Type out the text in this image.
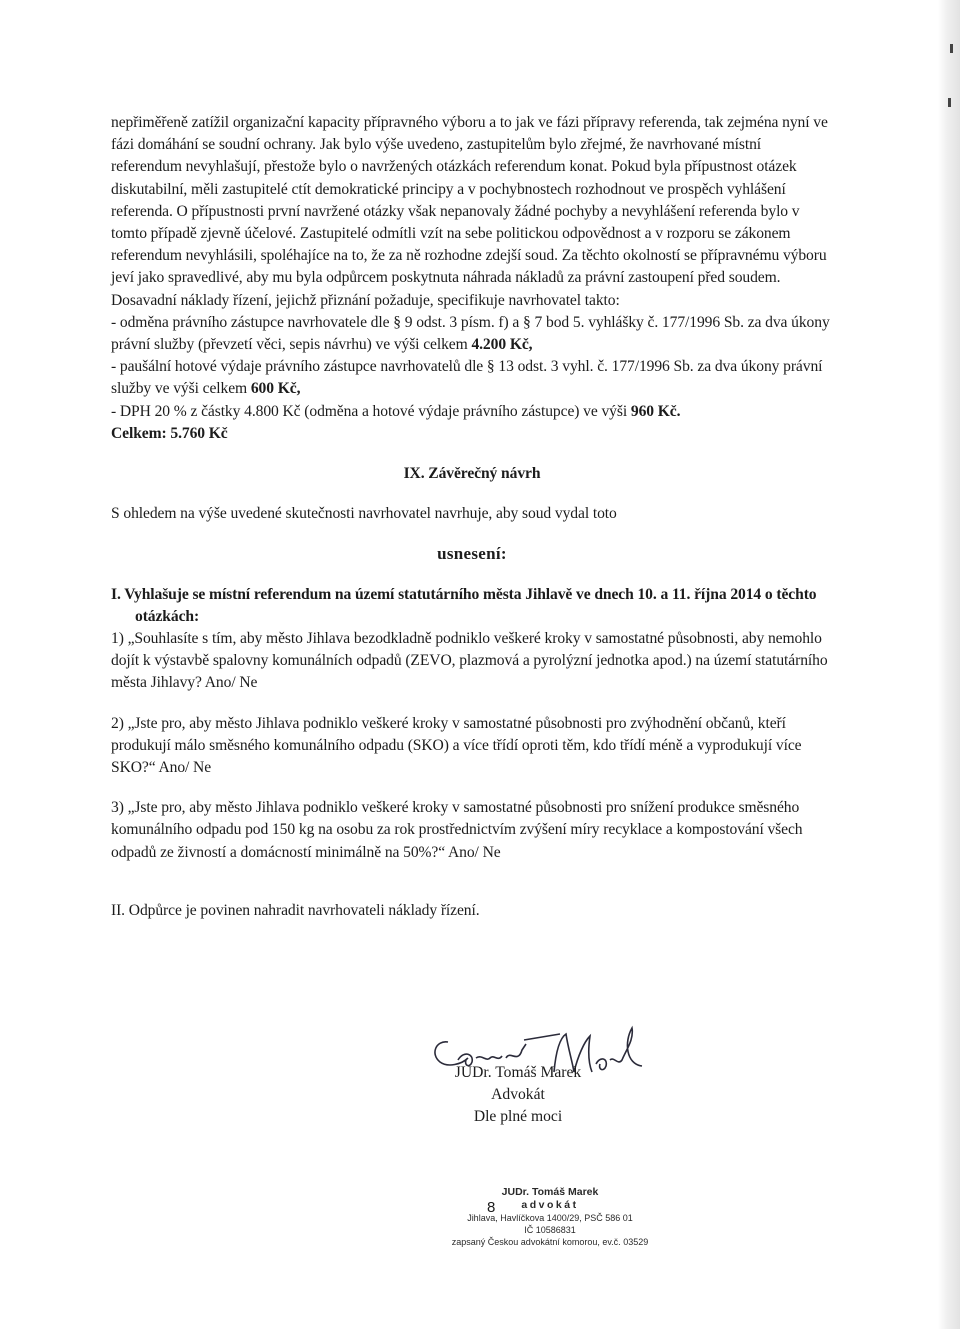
nepřiměřeně zatížil organizační kapacity přípravného výboru a to jak ve fázi přípravy referenda, tak zejména nyní ve fázi domáhání se soudní ochrany. Jak bylo výše uvedeno, zastupitelům bylo zřejmé, že navrhované místní referendum nevyhlašují, přestože bylo o navržených otázkách referendum konat. Pokud byla přípustnost otázek diskutabilní, měli zastupitelé ctít demokratické principy a v pochybnostech rozhodnout ve prospěch vyhlášení referenda. O přípustnosti první navržené otázky však nepanovaly žádné pochyby a nevyhlášení referenda bylo v tomto případě zjevně účelové. Zastupitelé odmítli vzít na sebe politickou odpovědnost a v rozporu se zákonem referendum nevyhlásili, spoléhajíce na to, že za ně rozhodne zdejší soud. Za těchto okolností se přípravnému výboru jeví jako spravedlivé, aby mu byla odpůrcem poskytnuta náhrada nákladů za právní zastoupení před soudem.

Dosavadní náklady řízení, jejichž přiznání požaduje, specifikuje navrhovatel takto:

- odměna právního zástupce navrhovatele dle § 9 odst. 3 písm. f) a § 7 bod 5. vyhlášky č. 177/1996 Sb. za dva úkony právní služby (převzetí věci, sepis návrhu) ve výši celkem 4.200 Kč,

- paušální hotové výdaje právního zástupce navrhovatelů dle § 13 odst. 3 vyhl. č. 177/1996 Sb. za dva úkony právní služby ve výši celkem 600 Kč,

- DPH 20 % z částky 4.800 Kč (odměna a hotové výdaje právního zástupce) ve výši 960 Kč.

Celkem: 5.760 Kč

IX. Závěrečný návrh

S ohledem na výše uvedené skutečnosti navrhovatel navrhuje, aby soud vydal toto

usnesení:

I. Vyhlašuje se místní referendum na území statutárního města Jihlavě ve dnech 10. a 11. října 2014 o těchto otázkách:

1) „Souhlasíte s tím, aby město Jihlava bezodkladně podniklo veškeré kroky v samostatné působnosti, aby nemohlo dojít k výstavbě spalovny komunálních odpadů (ZEVO, plazmová a pyrolýzní jednotka apod.) na území statutárního města Jihlavy? Ano/ Ne

2) „Jste pro, aby město Jihlava podniklo veškeré kroky v samostatné působnosti pro zvýhodnění občanů, kteří produkují málo směsného komunálního odpadu (SKO) a více třídí oproti těm, kdo třídí méně a vyprodukují více SKO?“ Ano/ Ne

3) „Jste pro, aby město Jihlava podniklo veškeré kroky v samostatné působnosti pro snížení produkce směsného komunálního odpadu pod 150 kg na osobu za rok prostřednictvím zvýšení míry recyklace a kompostování všech odpadů ze živností a domácností minimálně na 50%?“ Ano/ Ne

II. Odpůrce je povinen nahradit navrhovateli náklady řízení.

JUDr. Tomáš Marek
Advokát
Dle plné moci
JUDr. Tomáš Marek
advokát
Jihlava, Havlíčkova 1400/29, PSČ 586 01
IČ 10586831
zapsaný Českou advokátní komorou, ev.č. 03529
8
